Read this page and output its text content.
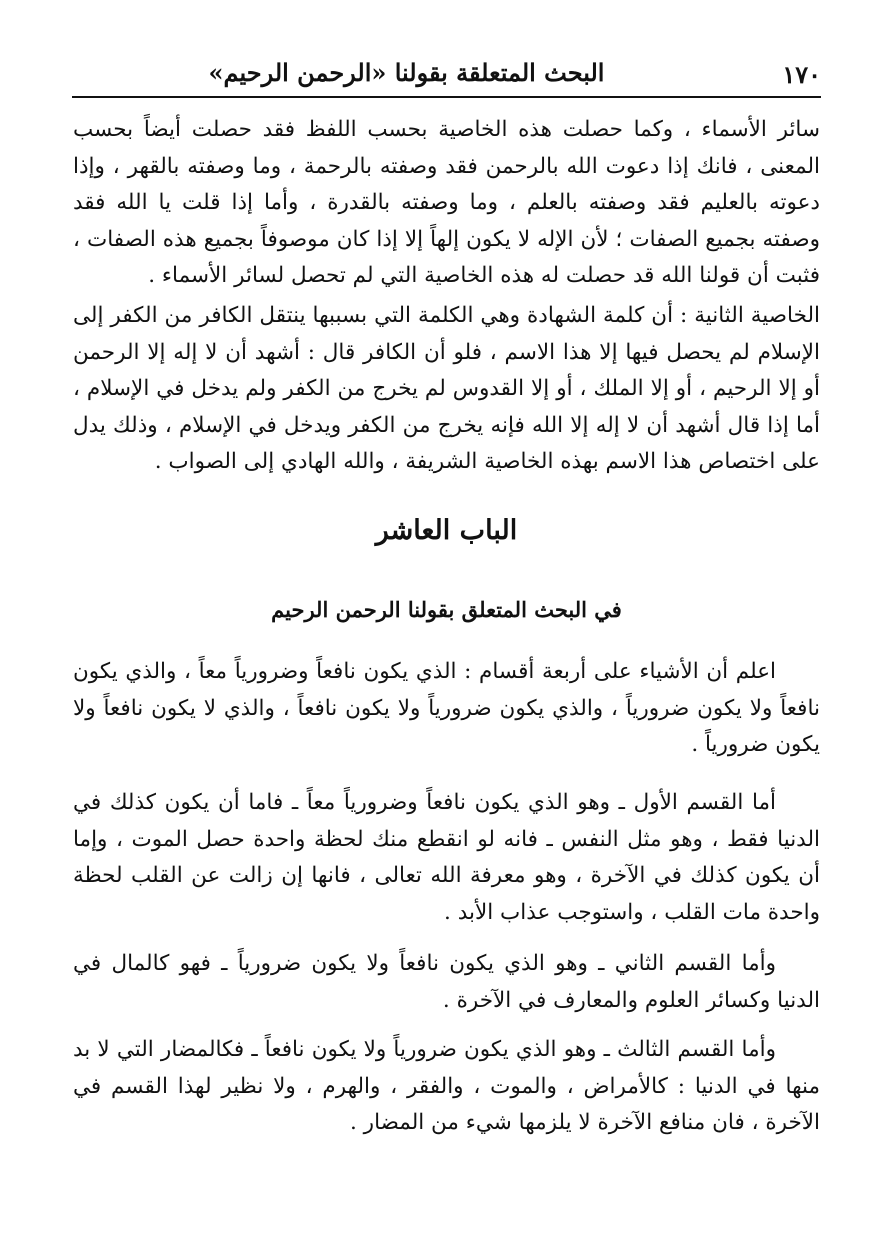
البحث المتعلقة بقولنا «الرحمن الرحيم»	١٧٠

سائر الأسماء ، وكما حصلت هذه الخاصية بحسب اللفظ فقد حصلت أيضاً بحسب المعنى ، فانك إذا دعوت الله بالرحمن فقد وصفته بالرحمة ، وما وصفته بالقهر ، وإذا دعوته بالعليم فقد وصفته بالعلم ، وما وصفته بالقدرة ، وأما إذا قلت يا الله فقد وصفته بجميع الصفات ؛ لأن الإله لا يكون إلهاً إلا إذا كان موصوفاً بجميع هذه الصفات ، فثبت أن قولنا الله قد حصلت له هذه الخاصية التي لم تحصل لسائر الأسماء .

الخاصية الثانية : أن كلمة الشهادة وهي الكلمة التي بسببها ينتقل الكافر من الكفر إلى الإسلام لم يحصل فيها إلا هذا الاسم ، فلو أن الكافر قال : أشهد أن لا إله إلا الرحمن أو إلا الرحيم ، أو إلا الملك ، أو إلا القدوس لم يخرج من الكفر ولم يدخل في الإسلام ، أما إذا قال أشهد أن لا إله إلا الله فإنه يخرج من الكفر ويدخل في الإسلام ، وذلك يدل على اختصاص هذا الاسم بهذه الخاصية الشريفة ، والله الهادي إلى الصواب .

الباب العاشر
في البحث المتعلق بقولنا الرحمن الرحيم

اعلم أن الأشياء على أربعة أقسام : الذي يكون نافعاً وضرورياً معاً ، والذي يكون نافعاً ولا يكون ضرورياً ، والذي يكون ضرورياً ولا يكون نافعاً ، والذي لا يكون نافعاً ولا يكون ضرورياً .

أما القسم الأول ـ وهو الذي يكون نافعاً وضرورياً معاً ـ فاما أن يكون كذلك في الدنيا فقط ، وهو مثل النفس ـ فانه لو انقطع منك لحظة واحدة حصل الموت ، وإما أن يكون كذلك في الآخرة ، وهو معرفة الله تعالى ، فانها إن زالت عن القلب لحظة واحدة مات القلب ، واستوجب عذاب الأبد .

وأما القسم الثاني ـ وهو الذي يكون نافعاً ولا يكون ضرورياً ـ فهو كالمال في الدنيا وكسائر العلوم والمعارف في الآخرة .

وأما القسم الثالث ـ وهو الذي يكون ضرورياً ولا يكون نافعاً ـ فكالمضار التي لا بد منها في الدنيا : كالأمراض ، والموت ، والفقر ، والهرم ، ولا نظير لهذا القسم في الآخرة ، فان منافع الآخرة لا يلزمها شيء من المضار .
